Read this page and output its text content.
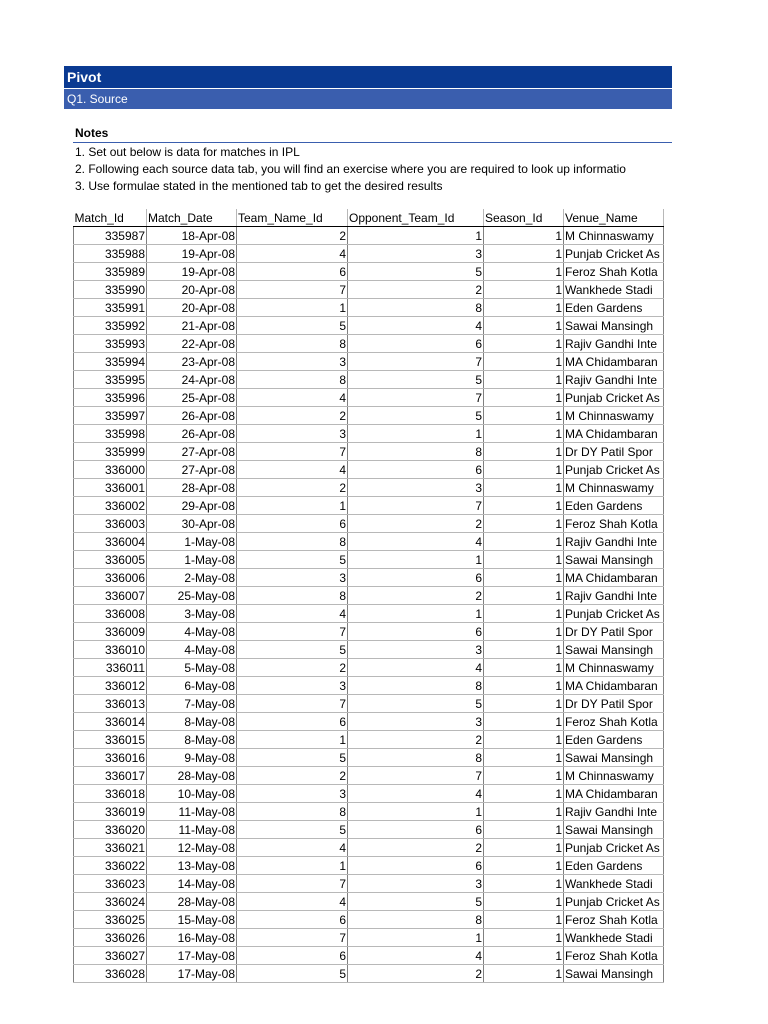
Pivot
Q1. Source
Notes
1. Set out below is data for matches in IPL
2. Following each source data tab, you will find an exercise where you are required to look up informatio
3. Use formulae stated in the mentioned tab to get the desired results
Match_Id	Match_Date	Team_Name_Id	Opponent_Team_Id	Season_Id	Venue_Name
335987	18-Apr-08	2	1	1	M Chinnaswamy
335988	19-Apr-08	4	3	1	Punjab Cricket As
335989	19-Apr-08	6	5	1	Feroz Shah Kotla
335990	20-Apr-08	7	2	1	Wankhede Stadi
335991	20-Apr-08	1	8	1	Eden Gardens
335992	21-Apr-08	5	4	1	Sawai Mansingh
335993	22-Apr-08	8	6	1	Rajiv Gandhi Inte
335994	23-Apr-08	3	7	1	MA Chidambaran
335995	24-Apr-08	8	5	1	Rajiv Gandhi Inte
335996	25-Apr-08	4	7	1	Punjab Cricket As
335997	26-Apr-08	2	5	1	M Chinnaswamy
335998	26-Apr-08	3	1	1	MA Chidambaran
335999	27-Apr-08	7	8	1	Dr DY Patil Spor
336000	27-Apr-08	4	6	1	Punjab Cricket As
336001	28-Apr-08	2	3	1	M Chinnaswamy
336002	29-Apr-08	1	7	1	Eden Gardens
336003	30-Apr-08	6	2	1	Feroz Shah Kotla
336004	1-May-08	8	4	1	Rajiv Gandhi Inte
336005	1-May-08	5	1	1	Sawai Mansingh
336006	2-May-08	3	6	1	MA Chidambaran
336007	25-May-08	8	2	1	Rajiv Gandhi Inte
336008	3-May-08	4	1	1	Punjab Cricket As
336009	4-May-08	7	6	1	Dr DY Patil Spor
336010	4-May-08	5	3	1	Sawai Mansingh
336011	5-May-08	2	4	1	M Chinnaswamy
336012	6-May-08	3	8	1	MA Chidambaran
336013	7-May-08	7	5	1	Dr DY Patil Spor
336014	8-May-08	6	3	1	Feroz Shah Kotla
336015	8-May-08	1	2	1	Eden Gardens
336016	9-May-08	5	8	1	Sawai Mansingh
336017	28-May-08	2	7	1	M Chinnaswamy
336018	10-May-08	3	4	1	MA Chidambaran
336019	11-May-08	8	1	1	Rajiv Gandhi Inte
336020	11-May-08	5	6	1	Sawai Mansingh
336021	12-May-08	4	2	1	Punjab Cricket As
336022	13-May-08	1	6	1	Eden Gardens
336023	14-May-08	7	3	1	Wankhede Stadi
336024	28-May-08	4	5	1	Punjab Cricket As
336025	15-May-08	6	8	1	Feroz Shah Kotla
336026	16-May-08	7	1	1	Wankhede Stadi
336027	17-May-08	6	4	1	Feroz Shah Kotla
336028	17-May-08	5	2	1	Sawai Mansingh
